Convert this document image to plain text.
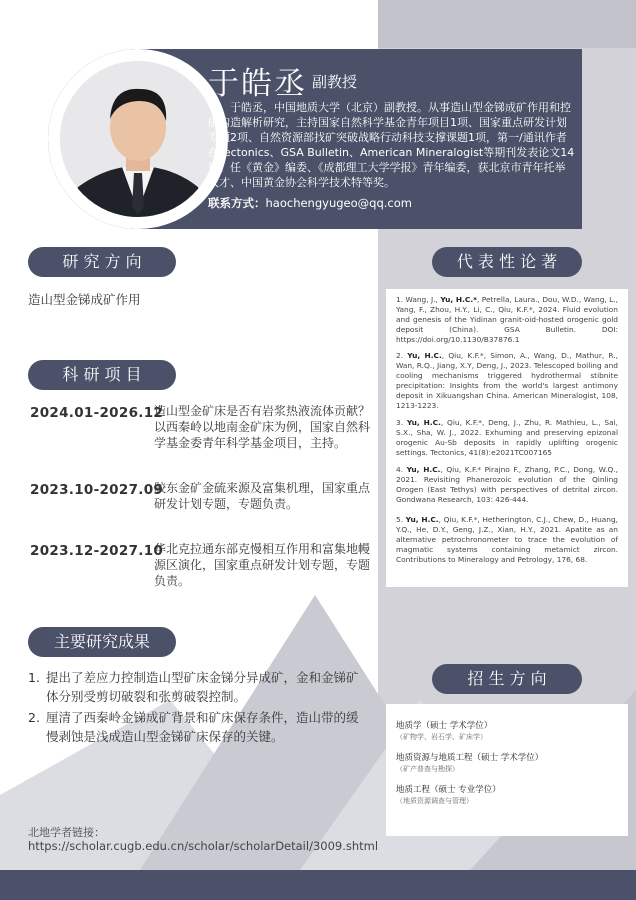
于皓丞 副教授
于皓丞，中国地质大学（北京）副教授。从事造山型金锑成矿作用和控矿构造解析研究，主持国家自然科学基金青年项目1项、国家重点研发计划专题2项、自然资源部找矿突破战略行动科技支撑课题1项，第一/通讯作者在Tectonics、GSA Bulletin、American Mineralogist等期刊发表论文14篇。任《黄金》编委、《成都理工大学学报》青年编委，获北京市青年托举人才、中国黄金协会科学技术特等奖。
联系方式：haochengyugeo@qq.com
研 究 方 向
造山型金锑成矿作用
科 研 项 目
2024.01-2026.12
造山型金矿床是否有岩浆热液流体贡献？以西秦岭以地南金矿床为例，国家自然科学基金委青年科学基金项目，主持。
2023.10-2027.09
胶东金矿金硫来源及富集机理，国家重点研发计划专题，专题负责。
2023.12-2027.10
华北克拉通东部克慢相互作用和富集地幔源区演化，国家重点研发计划专题，专题负责。
主要研究成果
1. 提出了差应力控制造山型矿床金锑分异成矿，金和金锑矿体分别受剪切破裂和张剪破裂控制。
2. 厘清了西秦岭金锑成矿背景和矿床保存条件，造山带的缓慢剥蚀是浅成造山型金锑矿床保存的关键。
代 表 性 论 著
1. Wang, J., Yu, H.C.*, Petrella, Laura., Dou, W.D., Wang, L., Yang, F., Zhou, H.Y., Li, C., Qiu, K.F.*, 2024. Fluid evolution and genesis of the Yidinan granit-oid-hosted orogenic gold deposit (China). GSA Bulletin. DOI: https://doi.org/10.1130/B37876.1
2. Yu, H.C., Qiu, K.F.*, Simon, A., Wang, D., Mathur, R., Wan, R.Q., Jiang, X.Y, Deng, J., 2023. Telescoped boiling and cooling mechanisms triggered hydrothermal stibnite precipitation: Insights from the world's largest antimony deposit in Xikuangshan China. American Mineralogist, 108, 1213-1223.
3. Yu, H.C., Qiu, K.F.*, Deng, J., Zhu, R. Mathieu, L., Sai, S.X., Sha, W. J., 2022. Exhuming and preserving epizonal orogenic Au-Sb deposits in rapidly uplifting orogenic settings. Tectonics, 41(8):e2021TC007165
4. Yu, H.C., Qiu, K.F.* Pirajno F., Zhang, P.C., Dong, W.Q., 2021. Revisiting Phanerozoic evolution of the Qinling Orogen (East Tethys) with perspectives of detrital zircon. Gondwana Research, 103: 426-444.
5. Yu, H.C., Qiu, K.F.*, Hetherington, C.J., Chew, D., Huang, Y.Q., He, D.Y., Geng, J.Z., Xian, H.Y., 2021. Apatite as an alternative petrochronometer to trace the evolution of magmatic systems containing metamict zircon. Contributions to Mineralogy and Petrology, 176, 68.
招 生 方 向
地质学（硕士 学术学位）
（矿物学、岩石学、矿床学）
地质资源与地质工程（硕士 学术学位）
（矿产普查与勘探）
地质工程（硕士 专业学位）
（地质资源调查与管理）
北地学者链接：
https://scholar.cugb.edu.cn/scholar/scholarDetail/3009.shtml
